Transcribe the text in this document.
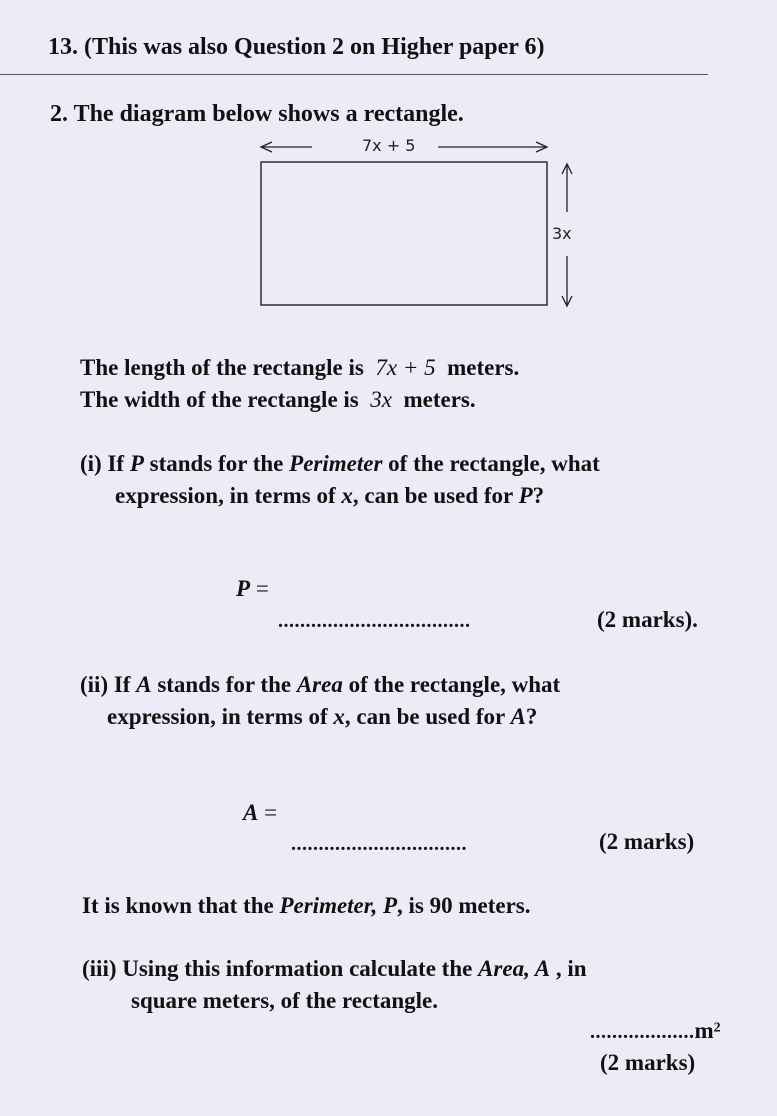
13. (This was also Question 2 on Higher paper 6)
2. The diagram below shows a rectangle.
7x + 5
3x
The length of the rectangle is 7x + 5 meters.
The width of the rectangle is 3x meters.
(i) If P stands for the Perimeter of the rectangle, what
expression, in terms of x, can be used for P?
P =
...................................	(2 marks).
(ii) If A stands for the Area of the rectangle, what
expression, in terms of x, can be used for A?
A =
................................	(2 marks)
It is known that the Perimeter, P, is 90 meters.
(iii) Using this information calculate the Area, A , in
square meters, of the rectangle.
$...................m^2$
(2 marks)
